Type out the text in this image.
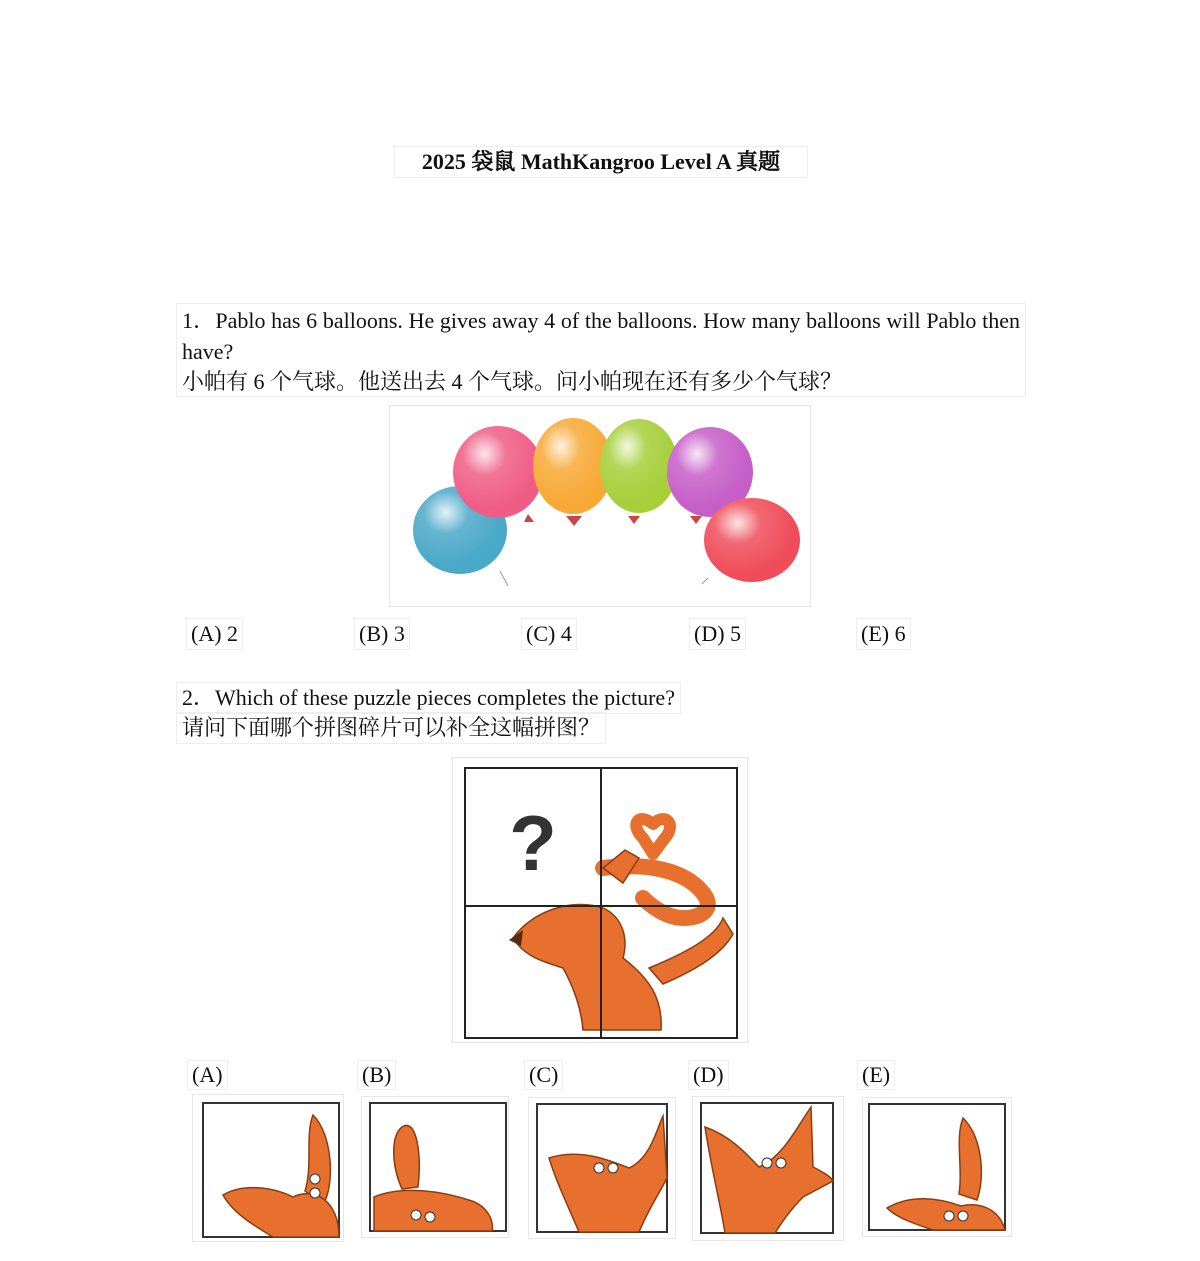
2025 袋鼠 MathKangroo Level A 真题
1．Pablo has 6 balloons. He gives away 4 of the balloons. How many balloons will Pablo then have?
小帕有 6 个气球。他送出去 4 个气球。问小帕现在还有多少个气球？
(A) 2	(B) 3	(C) 4	(D) 5	(E) 6
2．Which of these puzzle pieces completes the picture?
请问下面哪个拼图碎片可以补全这幅拼图？
?
(A)	(B)	(C)	(D)	(E)
